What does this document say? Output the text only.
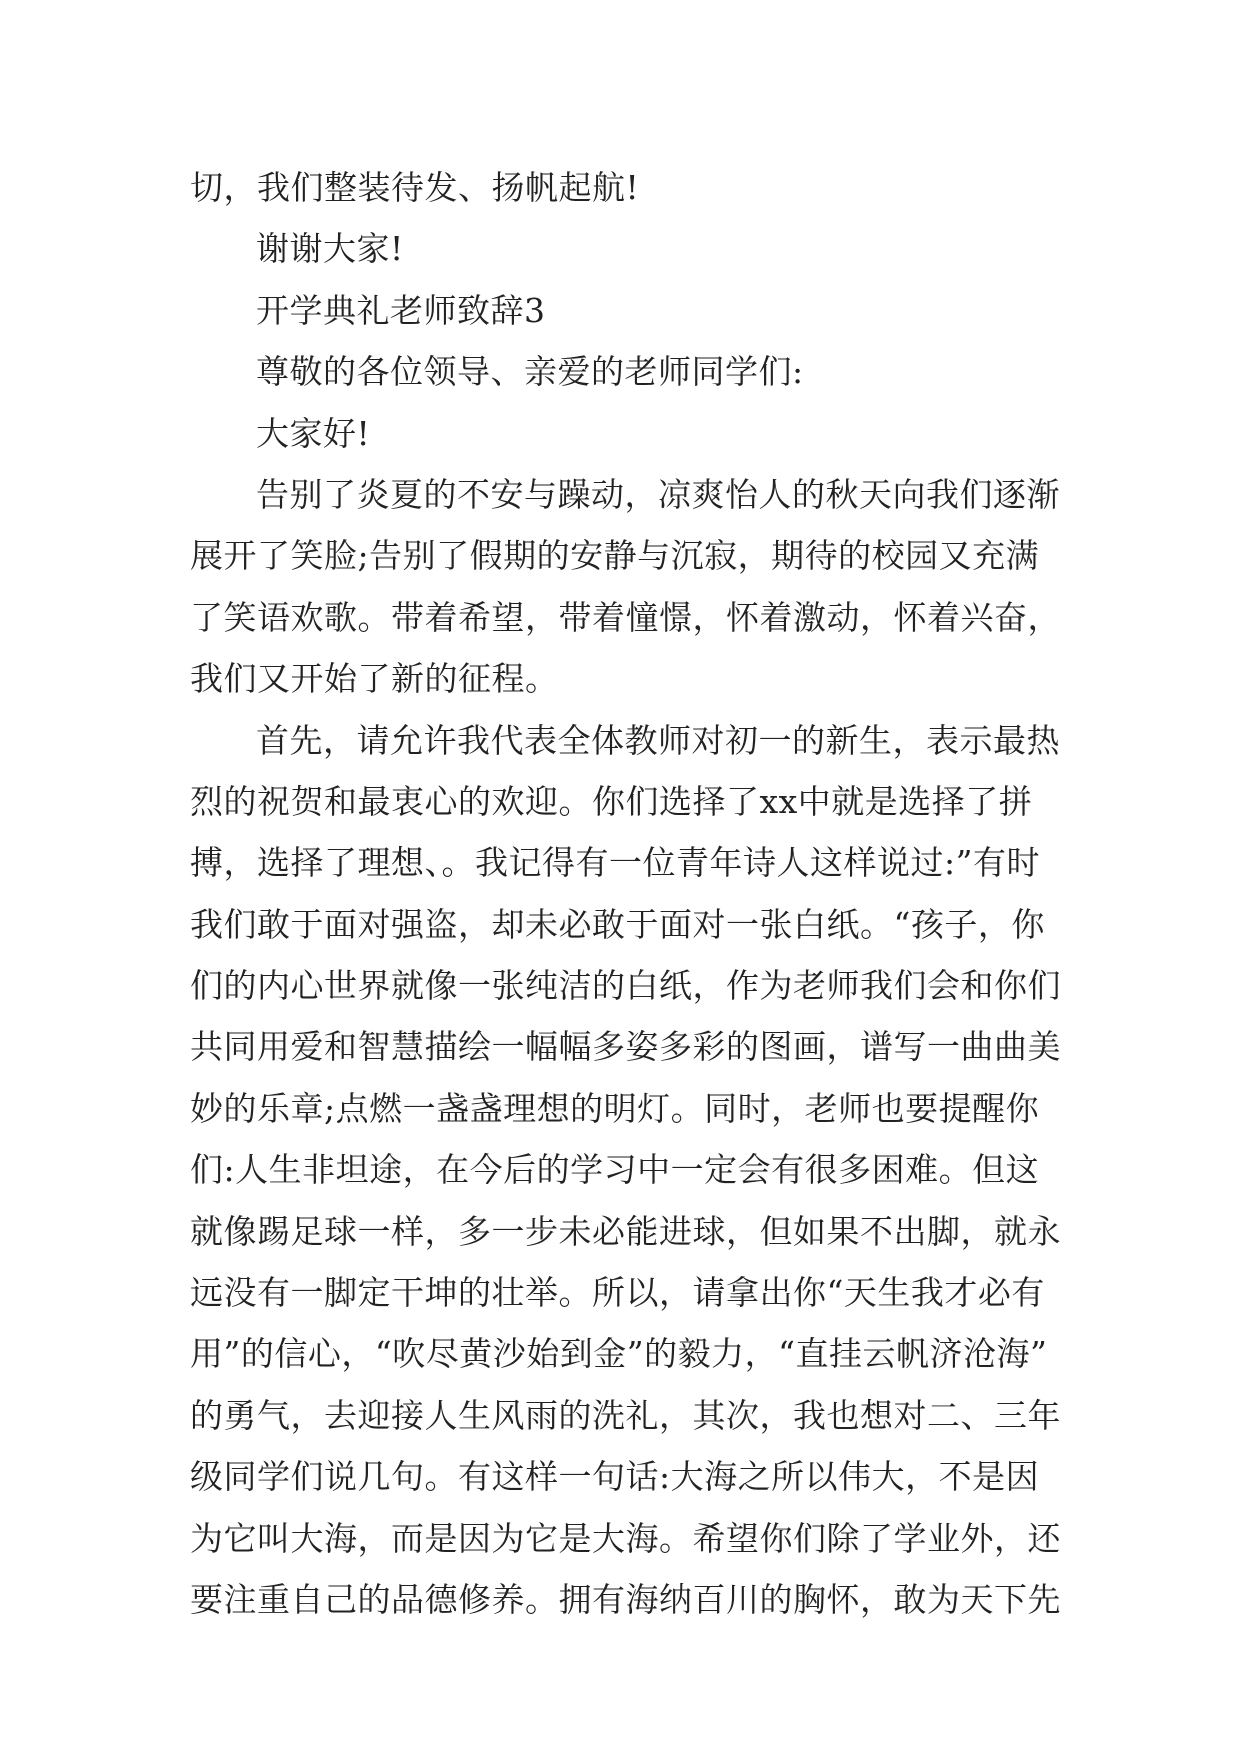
切，我们整装待发、扬帆起航!
谢谢大家!
开学典礼老师致辞3
尊敬的各位领导、亲爱的老师同学们:
大家好!
告别了炎夏的不安与躁动，凉爽怡人的秋天向我们逐渐
展开了笑脸;告别了假期的安静与沉寂，期待的校园又充满
了笑语欢歌。带着希望，带着憧憬，怀着激动，怀着兴奋，
我们又开始了新的征程。
首先，请允许我代表全体教师对初一的新生，表示最热
烈的祝贺和最衷心的欢迎。你们选择了xx中就是选择了拼
搏，选择了理想、。我记得有一位青年诗人这样说过:”有时
我们敢于面对强盗，却未必敢于面对一张白纸。“孩子，你
们的内心世界就像一张纯洁的白纸，作为老师我们会和你们
共同用爱和智慧描绘一幅幅多姿多彩的图画，谱写一曲曲美
妙的乐章;点燃一盏盏理想的明灯。同时，老师也要提醒你
们:人生非坦途，在今后的学习中一定会有很多困难。但这
就像踢足球一样，多一步未必能进球，但如果不出脚，就永
远没有一脚定干坤的壮举。所以，请拿出你“天生我才必有
用”的信心，“吹尽黄沙始到金”的毅力，“直挂云帆济沧海”
的勇气，去迎接人生风雨的洗礼，其次，我也想对二、三年
级同学们说几句。有这样一句话:大海之所以伟大，不是因
为它叫大海，而是因为它是大海。希望你们除了学业外，还
要注重自己的品德修养。拥有海纳百川的胸怀，敢为天下先
